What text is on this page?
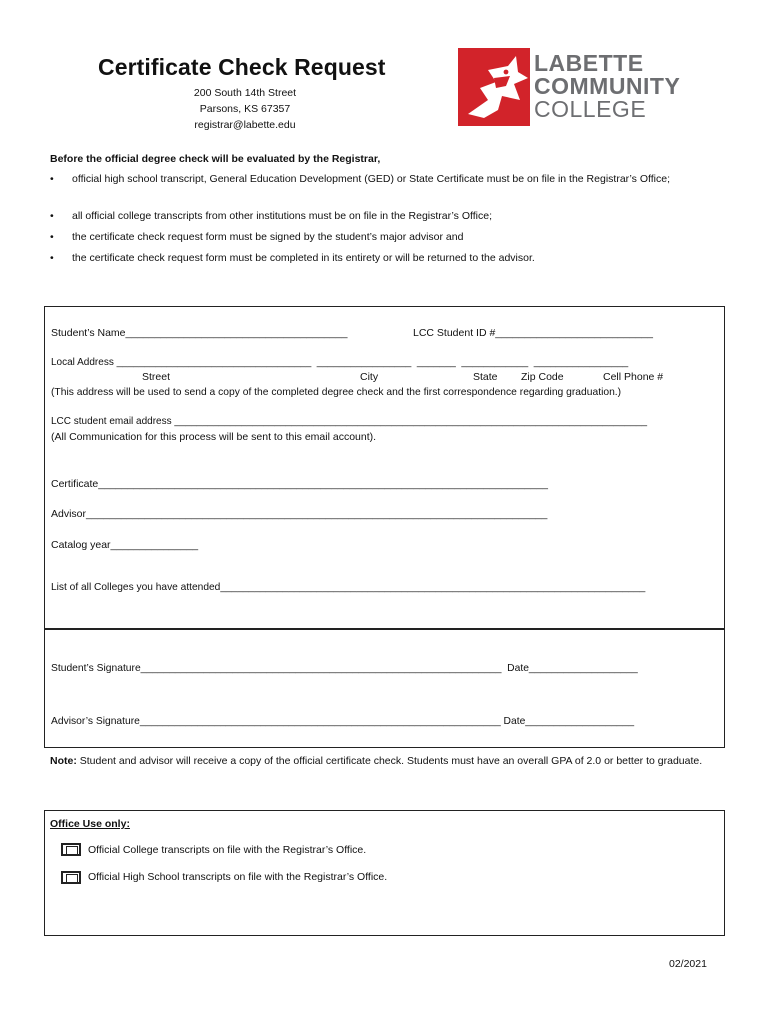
Certificate Check Request
200 South 14th Street
Parsons, KS 67357
registrar@labette.edu
LABETTE
COMMUNITY
COLLEGE
Before the official degree check will be evaluated by the Registrar,
• official high school transcript, General Education Development (GED) or State Certificate must be on file in the Registrar’s Office;
• all official college transcripts from other institutions must be on file in the Registrar’s Office;
• the certificate check request form must be signed by the student’s major advisor and
• the certificate check request form must be completed in its entirety or will be returned to the advisor.
Student’s Name______________________________________	LCC Student ID #___________________________
Local Address ___________________________________  _________________  _______  ____________  _________________
Street	City	State Zip Code	Cell Phone #
(This address will be used to send a copy of the completed degree check and the first correspondence regarding graduation.)
LCC student email address _____________________________________________________________________________________
(All Communication for this process will be sent to this email account).
Certificate_____________________________________________________________________________
Advisor_______________________________________________________________________________
Catalog year_______________
List of all Colleges you have attended___________________________________________________________________________
Student’s Signature_______________________________________________________________  Date___________________
Advisor’s Signature_______________________________________________________________ Date___________________
Note: Student and advisor will receive a copy of the official certificate check. Students must have an overall GPA of 2.0 or better to graduate.
Office Use only:
Official College transcripts on file with the Registrar’s Office.
Official High School transcripts on file with the Registrar’s Office.
02/2021
